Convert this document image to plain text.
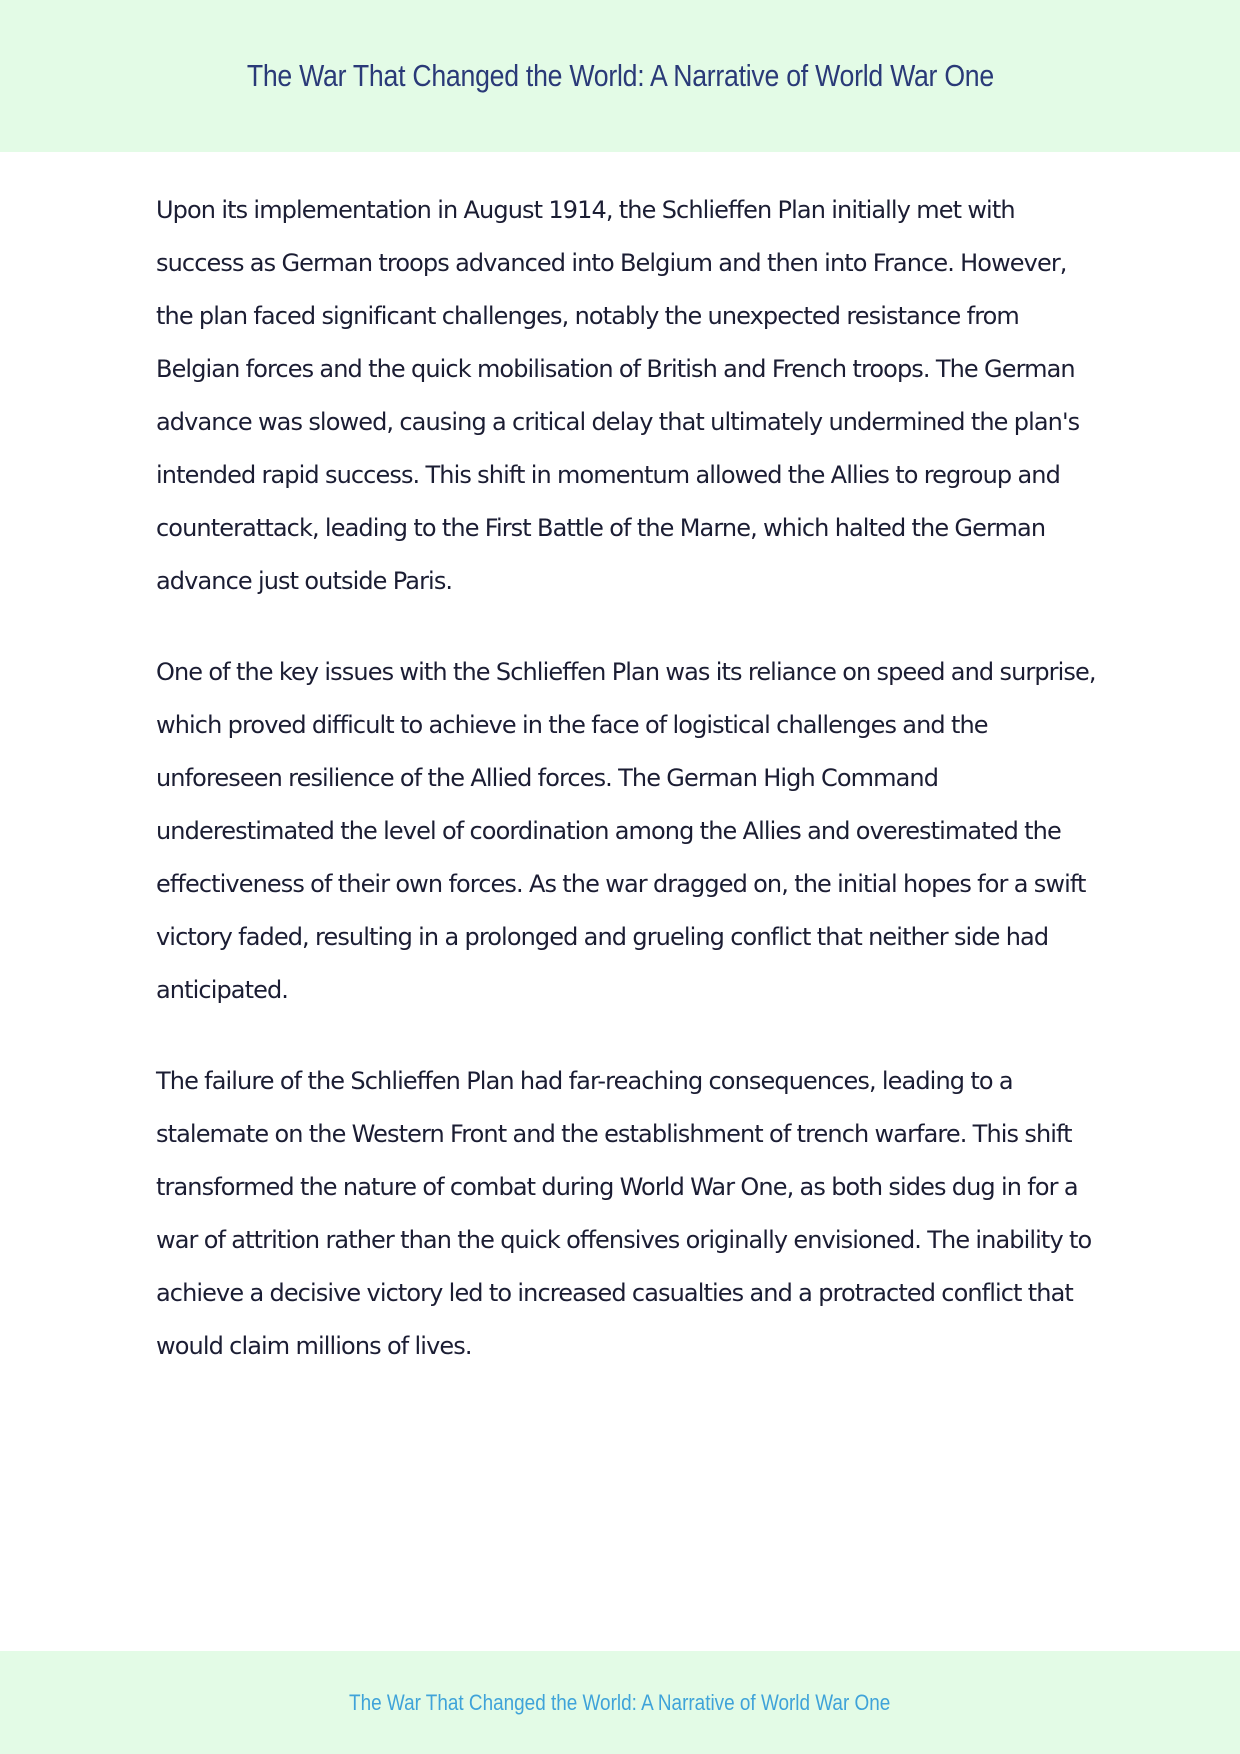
The War That Changed the World: A Narrative of World War One

Upon its implementation in August 1914, the Schlieffen Plan initially met with success as German troops advanced into Belgium and then into France. However, the plan faced significant challenges, notably the unexpected resistance from Belgian forces and the quick mobilisation of British and French troops. The German advance was slowed, causing a critical delay that ultimately undermined the plan's intended rapid success. This shift in momentum allowed the Allies to regroup and counterattack, leading to the First Battle of the Marne, which halted the German advance just outside Paris.

One of the key issues with the Schlieffen Plan was its reliance on speed and surprise, which proved difficult to achieve in the face of logistical challenges and the unforeseen resilience of the Allied forces. The German High Command underestimated the level of coordination among the Allies and overestimated the effectiveness of their own forces. As the war dragged on, the initial hopes for a swift victory faded, resulting in a prolonged and grueling conflict that neither side had anticipated.

The failure of the Schlieffen Plan had far-reaching consequences, leading to a stalemate on the Western Front and the establishment of trench warfare. This shift transformed the nature of combat during World War One, as both sides dug in for a war of attrition rather than the quick offensives originally envisioned. The inability to achieve a decisive victory led to increased casualties and a protracted conflict that would claim millions of lives.

The War That Changed the World: A Narrative of World War One
